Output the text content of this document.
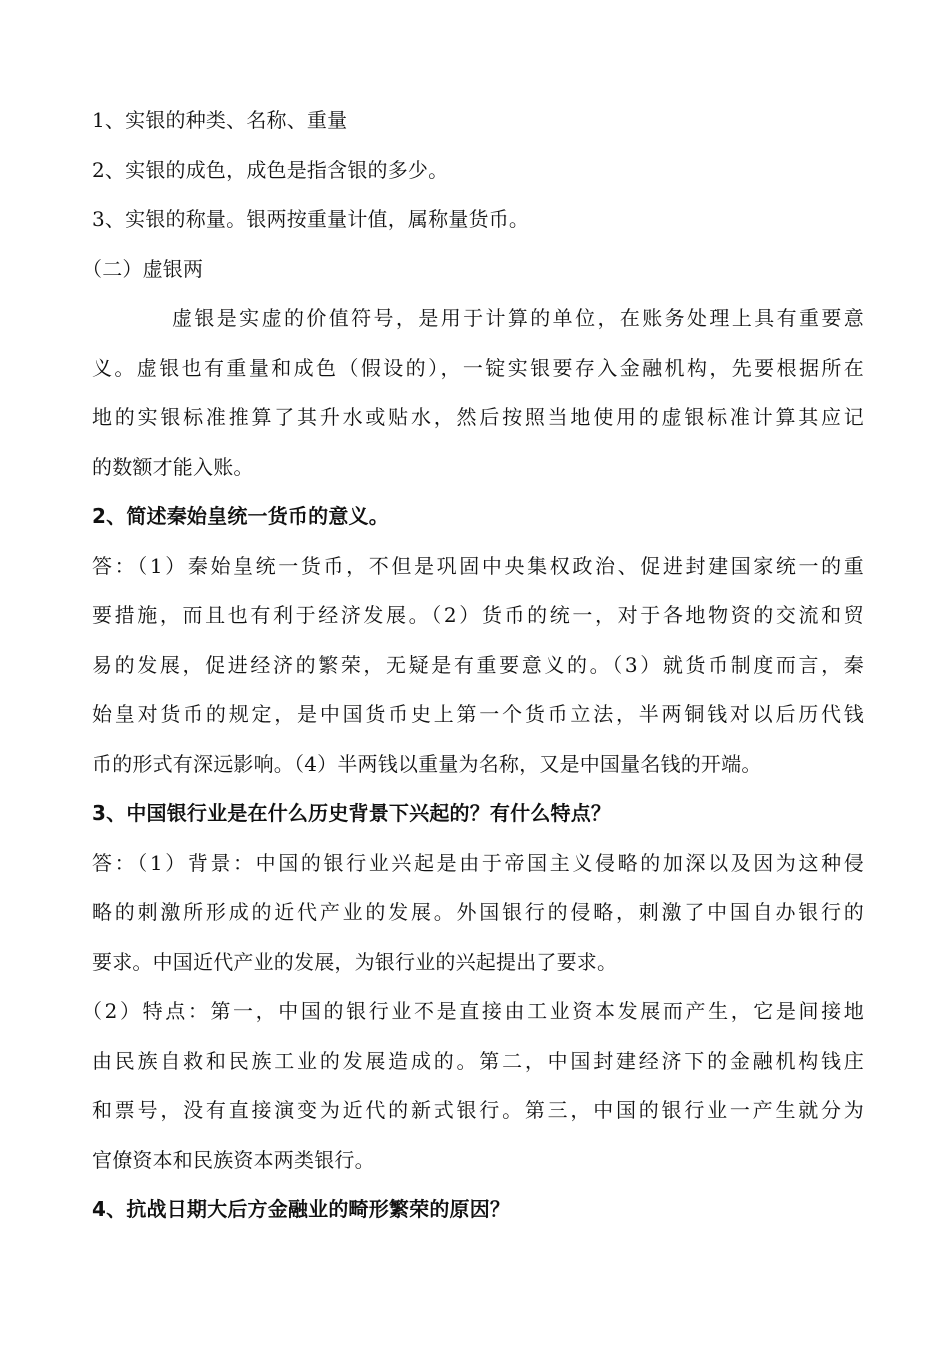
1、实银的种类、名称、重量
2、实银的成色，成色是指含银的多少。
3、实银的称量。银两按重量计值，属称量货币。
（二）虚银两
虚银是实虚的价值符号，是用于计算的单位，在账务处理上具有重要意
义。虚银也有重量和成色（假设的），一锭实银要存入金融机构，先要根据所在
地的实银标准推算了其升水或贴水，然后按照当地使用的虚银标准计算其应记
的数额才能入账。
2、简述秦始皇统一货币的意义。
答：（1）秦始皇统一货币，不但是巩固中央集权政治、促进封建国家统一的重
要措施，而且也有利于经济发展。（2）货币的统一，对于各地物资的交流和贸
易的发展，促进经济的繁荣，无疑是有重要意义的。（3）就货币制度而言，秦
始皇对货币的规定，是中国货币史上第一个货币立法，半两铜钱对以后历代钱
币的形式有深远影响。（4）半两钱以重量为名称，又是中国量名钱的开端。
3、中国银行业是在什么历史背景下兴起的？有什么特点？
答：（1）背景：中国的银行业兴起是由于帝国主义侵略的加深以及因为这种侵
略的刺激所形成的近代产业的发展。外国银行的侵略，刺激了中国自办银行的
要求。中国近代产业的发展，为银行业的兴起提出了要求。
（2）特点：第一，中国的银行业不是直接由工业资本发展而产生，它是间接地
由民族自救和民族工业的发展造成的。第二，中国封建经济下的金融机构钱庄
和票号，没有直接演变为近代的新式银行。第三，中国的银行业一产生就分为
官僚资本和民族资本两类银行。
4、抗战日期大后方金融业的畸形繁荣的原因？
